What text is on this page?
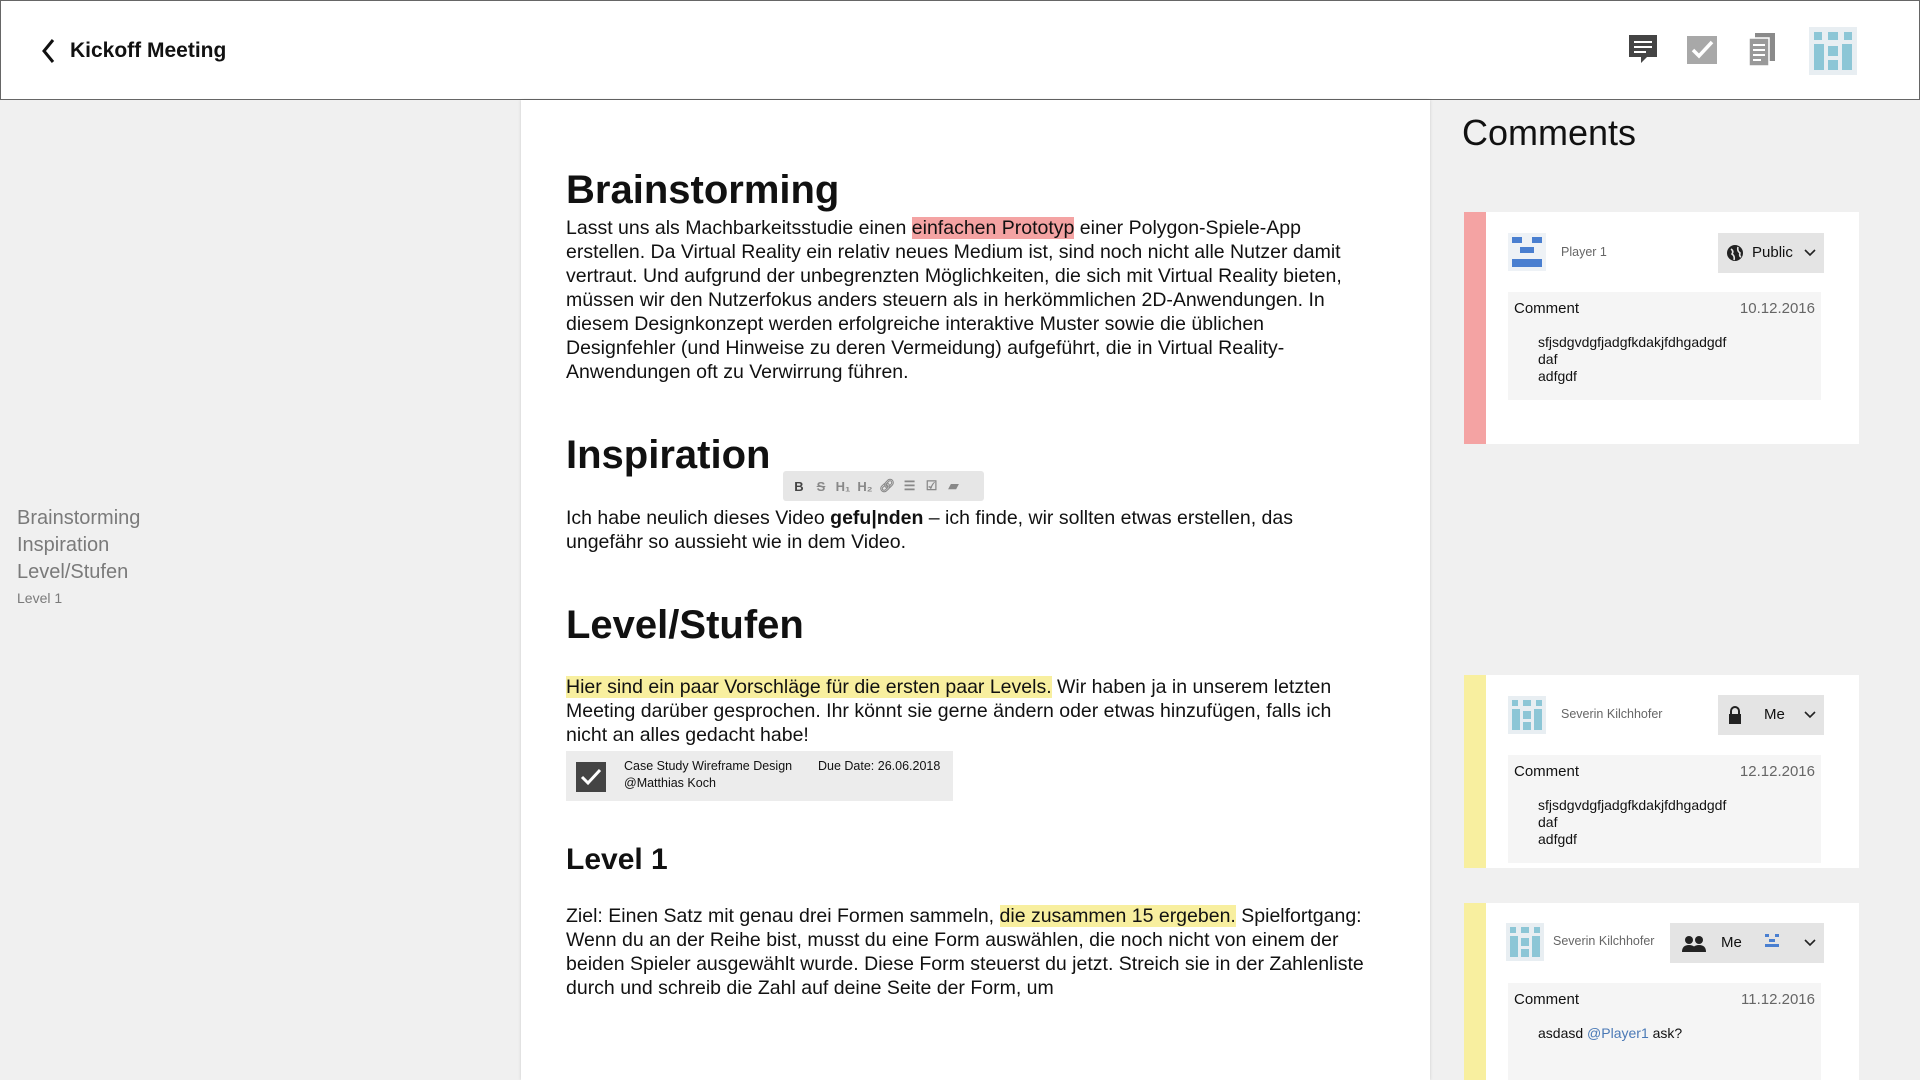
Kickoff Meeting
Brainstorming
Inspiration
Level/Stufen
Level 1
Brainstorming

Lasst uns als Machbarkeitsstudie einen einfachen Prototyp einer Polygon-Spiele-App erstellen. Da Virtual Reality ein relativ neues Medium ist, sind noch nicht alle Nutzer damit vertraut. Und aufgrund der unbegrenzten Möglichkeiten, die sich mit Virtual Reality bieten, müssen wir den Nutzerfokus anders steuern als in herkömmlichen 2D-Anwendungen. In diesem Designkonzept werden erfolgreiche interaktive Muster sowie die üblichen Designfehler (und Hinweise zu deren Vermeidung) aufgeführt, die in Virtual Reality-Anwendungen oft zu Verwirrung führen.

Inspiration
B S H₁ H₂ 🔗︎ ☰ ☑ ▰

Ich habe neulich dieses Video gefu|nden – ich finde, wir sollten etwas erstellen, das ungefähr so aussieht wie in dem Video.

Level/Stufen

Hier sind ein paar Vorschläge für die ersten paar Levels. Wir haben ja in unserem letzten Meeting darüber gesprochen. Ihr könnt sie gerne ändern oder etwas hinzufügen, falls ich nicht an alles gedacht habe!

Case Study Wireframe Design
@Matthias Koch
Due Date: 26.06.2018
Level 1

Ziel: Einen Satz mit genau drei Formen sammeln, die zusammen 15 ergeben. Spielfortgang: Wenn du an der Reihe bist, musst du eine Form auswählen, die noch nicht von einem der beiden Spieler ausgewählt wurde. Diese Form steuerst du jetzt. Streich sie in der Zahlenliste durch und schreib die Zahl auf deine Seite der Form, um

Comments
Player 1	Public
Comment	10.12.2016
sfjsdgvdgfjadgfkdakjfdhgadgdf
daf
adfgdf
Severin Kilchhofer	Me
Comment	12.12.2016
sfjsdgvdgfjadgfkdakjfdhgadgdf
daf
adfgdf
Severin Kilchhofer	Me
Comment	11.12.2016
asdasd @Player1 ask?
